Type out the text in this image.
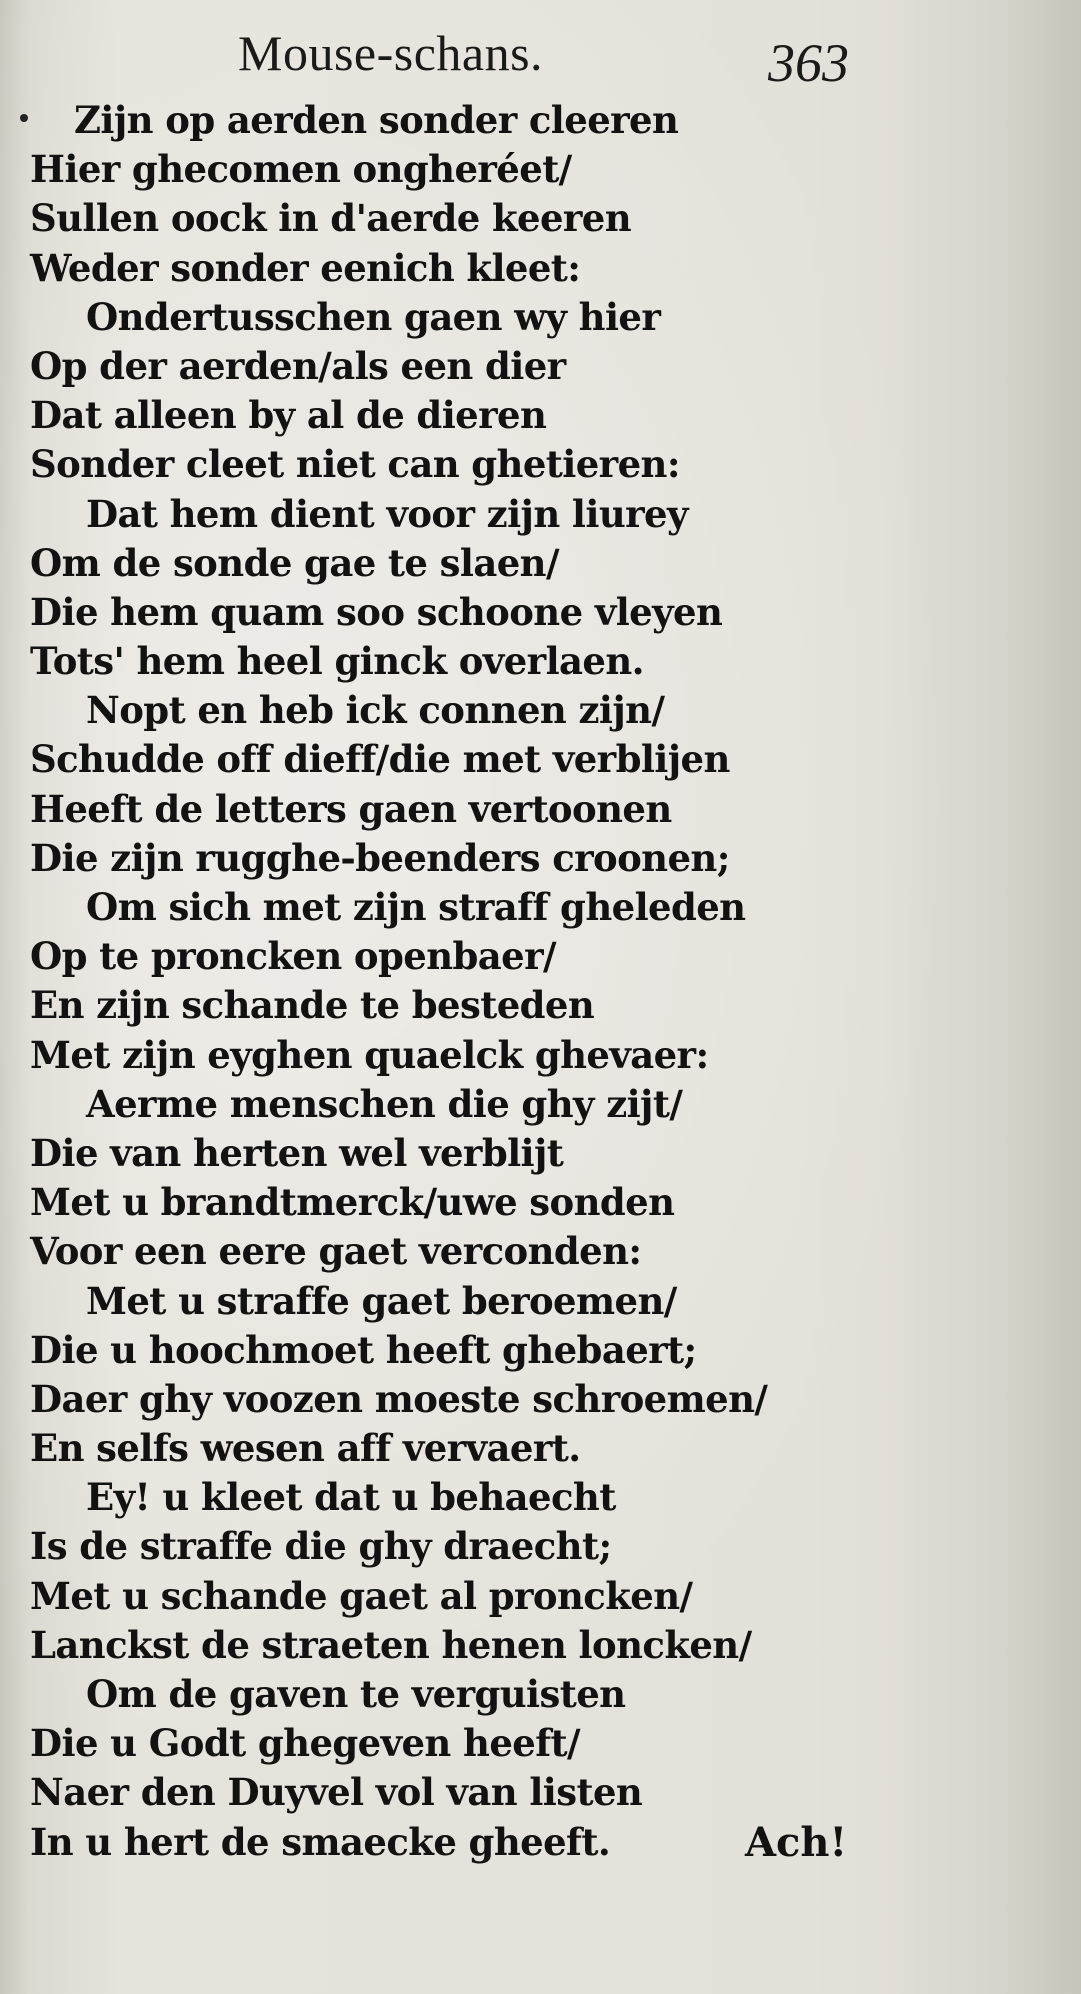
Mouse-schans.	363
Zijn op aerden sonder cleeren
Hier ghecomen ongheréet/
Sullen oock in d'aerde keeren
Weder sonder eenich kleet:
Ondertusschen gaen wy hier
Op der aerden/als een dier
Dat alleen by al de dieren
Sonder cleet niet can ghetieren:
Dat hem dient voor zijn liurey
Om de sonde gae te slaen/
Die hem quam soo schoone vleyen
Tots' hem heel ginck overlaen.
Nopt en heb ick connen zijn/
Schudde off dieff/die met verblijen
Heeft de letters gaen vertoonen
Die zijn rugghe-beenders croonen;
Om sich met zijn straff gheleden
Op te proncken openbaer/
En zijn schande te besteden
Met zijn eyghen quaelck ghevaer:
Aerme menschen die ghy zijt/
Die van herten wel verblijt
Met u brandtmerck/uwe sonden
Voor een eere gaet verconden:
Met u straffe gaet beroemen/
Die u hoochmoet heeft ghebaert;
Daer ghy voozen moeste schroemen/
En selfs wesen aff vervaert.
Ey! u kleet dat u behaecht
Is de straffe die ghy draecht;
Met u schande gaet al proncken/
Lanckst de straeten henen loncken/
Om de gaven te verguisten
Die u Godt ghegeven heeft/
Naer den Duyvel vol van listen
In u hert de smaecke gheeft.	Ach!
